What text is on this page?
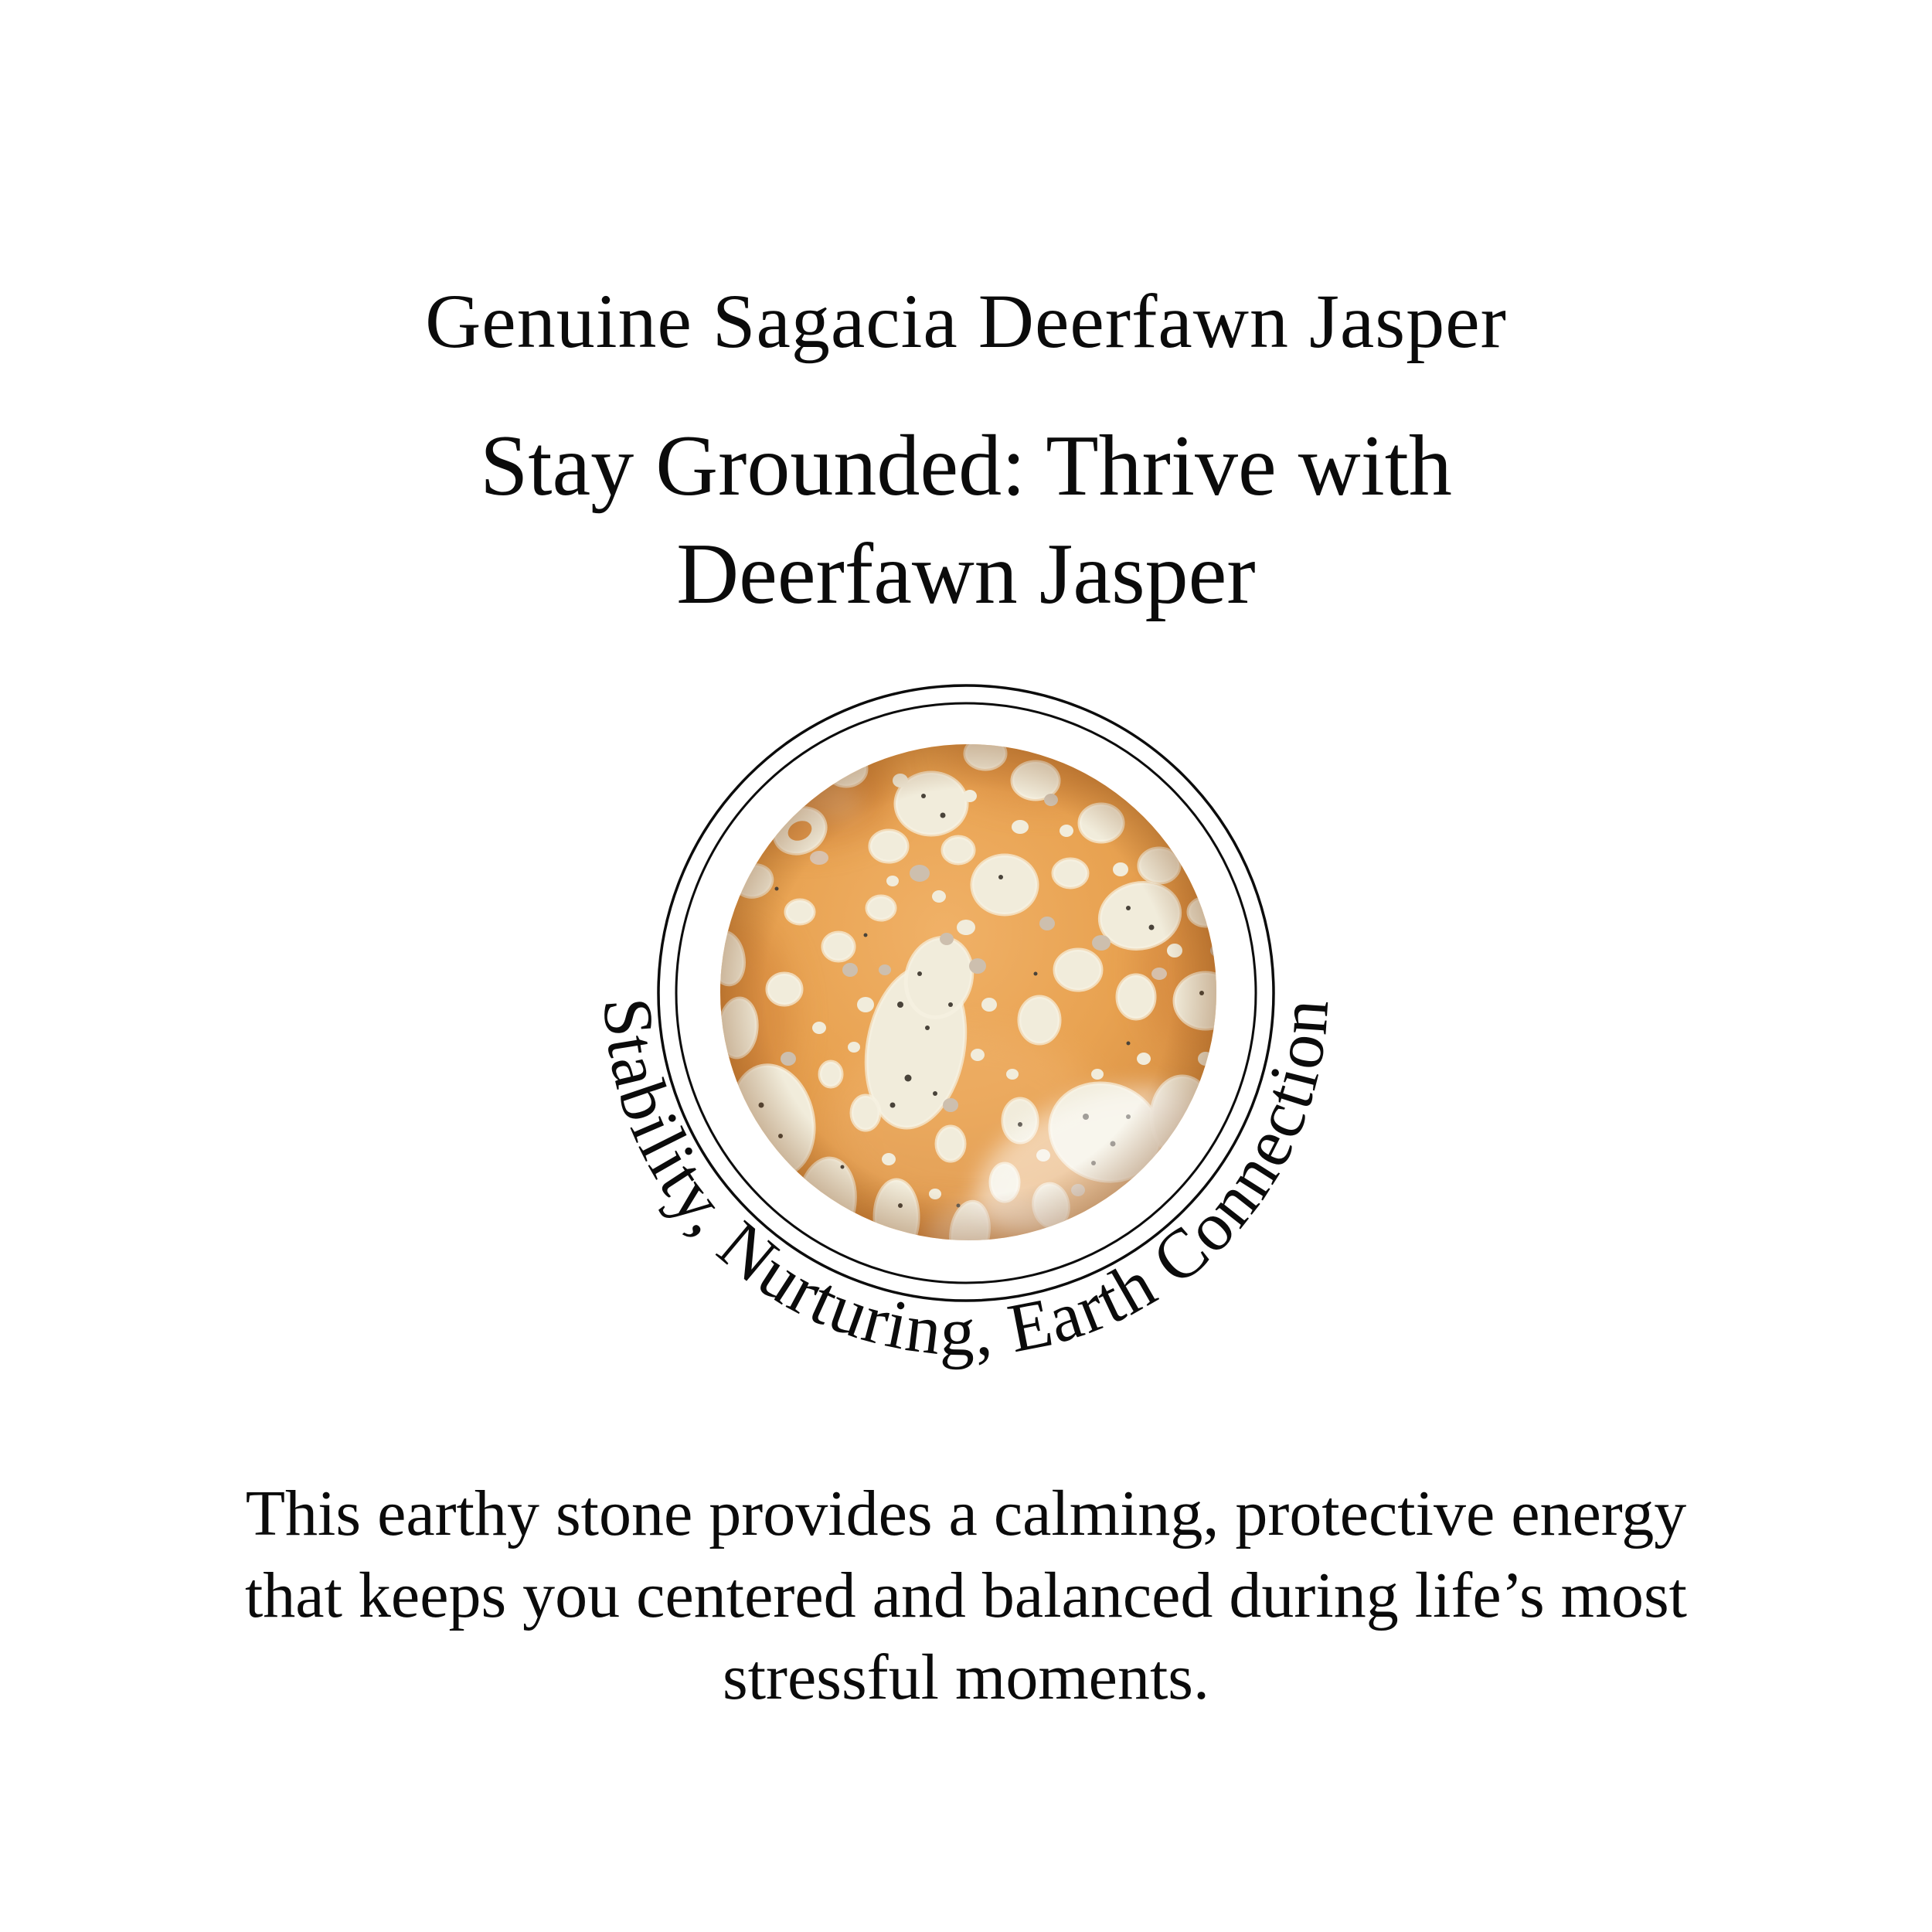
Genuine Sagacia Deerfawn Jasper
Stay Grounded: Thrive with
Deerfawn Jasper
Stability, Nurturing, Earth Connection
This earthy stone provides a calming, protective energy
that keeps you centered and balanced during life’s most
stressful moments.
